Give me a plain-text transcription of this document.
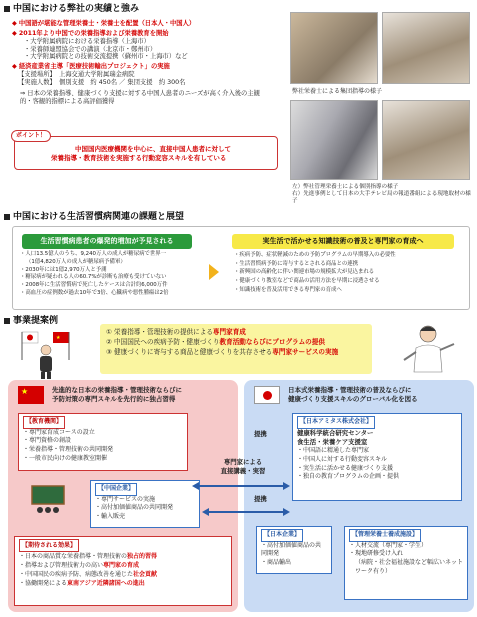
中国における弊社の実績と強み
◆ 中国語が堪能な管理栄養士・栄養士を配置（日本人・中国人）
◆ 2011年より中国での栄養指導および栄養教育を開始
・大学附属病院における栄養指導（上海市）
・栄養師連盟協会での講演（北京市・鄭州市）
・大学附属病院との技術交流提携（蘇州市・上海市）など
◆ 経済産業省主導「医療技術輸出プロジェクト」の実施
【支援場所】　 上海交通大学附属瑞金病院
【実施人数】　 個別支援　約 450名 ／ 集団支援　約 300名
⇒ 日本の栄養指導、健康づくり支援に対する中国人患者のニーズが高く介入後の主観的・客観的指標による高評価獲得
ポイント！
中国国内医療機関を中心に、直接中国人患者に対して
栄養指導・教育技術を実施する行動変容スキルを有している
弊社栄養士による集団指導の様子
左）弊社管理栄養士による個別指導の様子
右）先進事例として日本の大手テレビ局の報道番組による現地取材の様子
中国における生活習慣病関連の課題と展望
生活習慣病患者の爆発的増加が予見される	実生活で活かせる知識技術の普及と専門家の育成へ
・人口13.5億人のうち、9,240万人の成人が糖尿病で世界一
（1億4,820万人の成人が糖尿病予備軍）
・2030年には1億2,970万人と予測
・糖尿病が疑われる人の60.7%が診断も治療も受けていない
・2008年に生活習慣病で死亡したケースは合計約6,000万件
・高血圧の症例数が過去10年で3倍、心臓病や悪性腫瘍は2倍
・疾病予防、症状軽減のための予防プログラムの早期導入の必要性
・生活習慣病予防に寄与するとされる商品との連携
・新興国の高齢化に伴い関連市場の規模拡大が見込まれる
・健康づくり教室などで商品の活用方法を早期に浸透させる
・知識技術を普及活用できる専門家の育成へ
事業提案例
★
① 栄養指導・管理技術の提供による専門家育成
② 中国国民への疾病予防・健康づくり教育活動ならびにプログラムの提供
③ 健康づくりに寄与する商品と健康づくりを共存させる専門家サービスの実施
★	先進的な日本の栄養指導・管理技術ならびに
予防対策の専門スキルを先行的に独占習得
【教育機関】
・専門家育成コースの設立
・専門資格の創設
・栄養指導・管理技術の共同開発
・一般市民向けの健康教室開催
【中国企業】
・専門サービスの実施
・高付加価値商品の共同開発
・輸入販売
【期待される効果】
・日本の商品賞な栄養指導・管理技術の独占的習得
・指導および管理技術力の高い専門家の育成
・中国国民の疾病予防、病態改善を通じた社会貢献
・協働開発による東南アジア近隣諸国への進出
日本式栄養指導・管理技術の普及ならびに
健康づくり支援スキルのグローバル化を図る
【日本アミタス株式会社】
健康科学統合研究センター
食生活・栄養ケア支援室
・中国語に精通した専門家
・中国人に対する行動変容スキル
・実生活に活かせる健康づくり支援
・独自の教育プログラムの企画・提供
専門家による
直接講義・実習
提携
提携
【日本企業】
・高付加価値商品の共同開発
・商品輸出
【管理栄養士養成施設】
・人材交流（専門家・学生）
・現地研修受け入れ
（病院・社会福祉施設など幅広いネットワーク有り）
